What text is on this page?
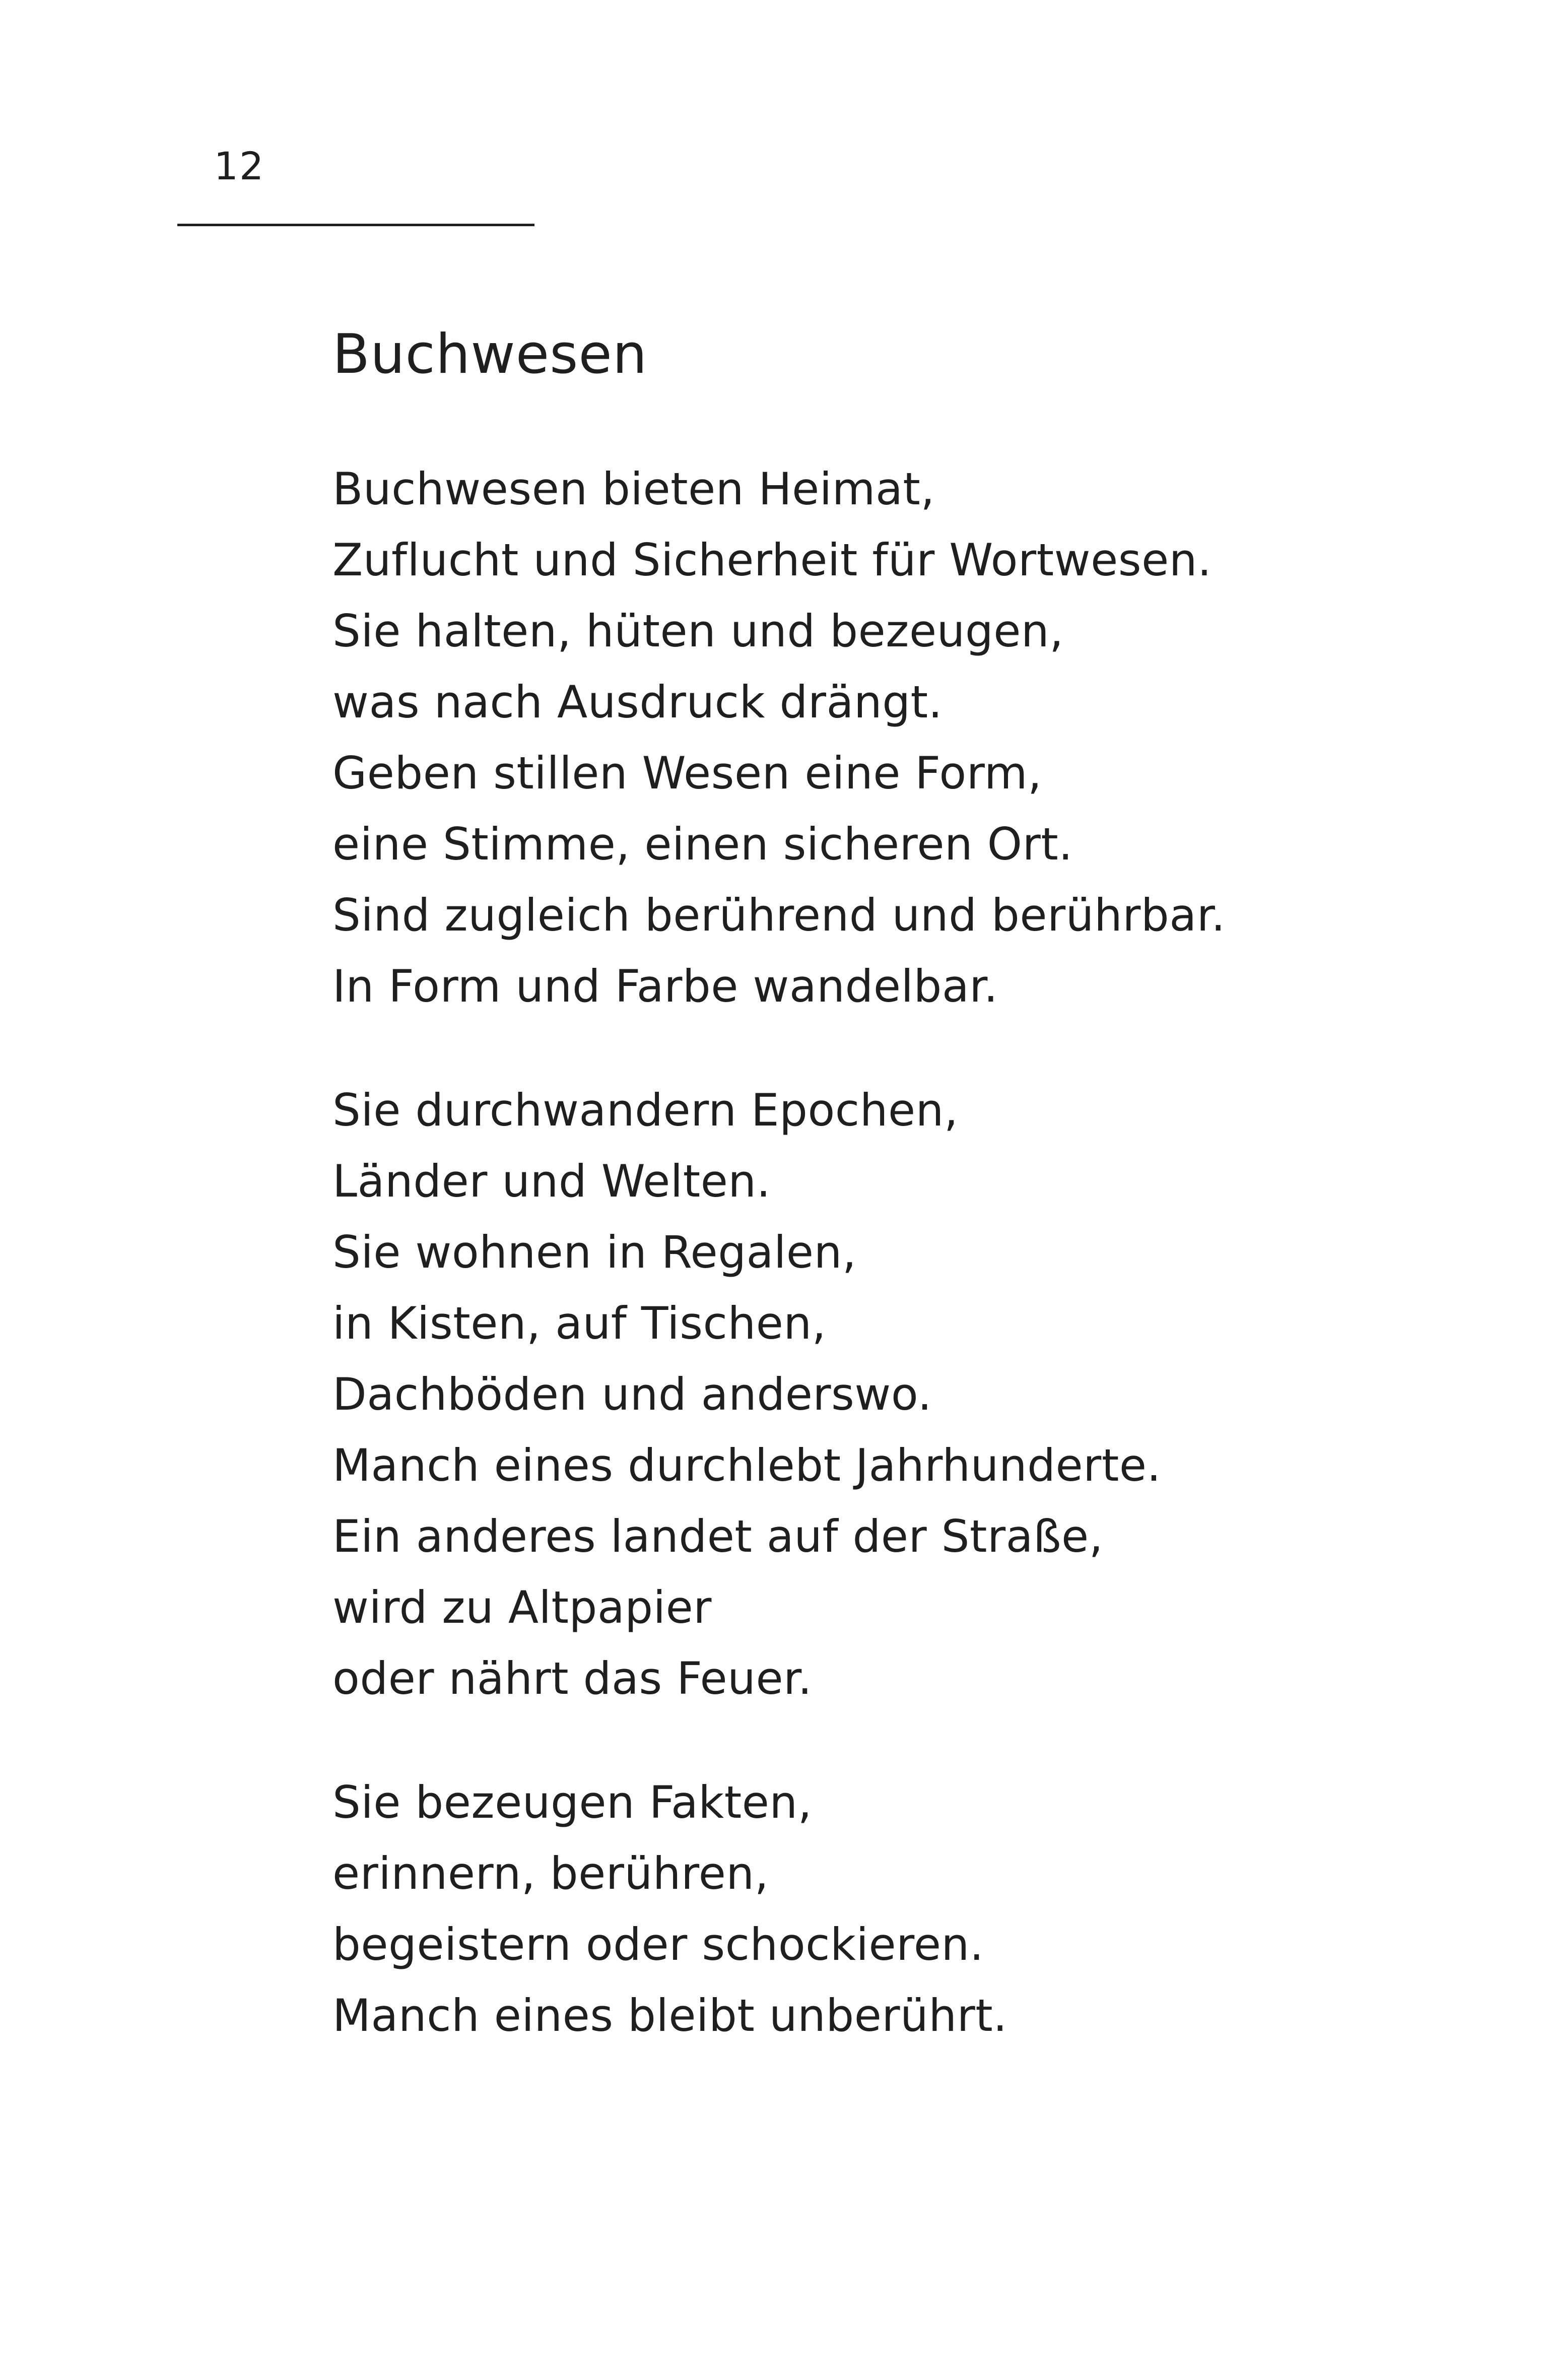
12
Buchwesen
Buchwesen bieten Heimat,
Zuflucht und Sicherheit für Wortwesen.
Sie halten, hüten und bezeugen,
was nach Ausdruck drängt.
Geben stillen Wesen eine Form,
eine Stimme, einen sicheren Ort.
Sind zugleich berührend und berührbar.
In Form und Farbe wandelbar.
Sie durchwandern Epochen,
Länder und Welten.
Sie wohnen in Regalen,
in Kisten, auf Tischen,
Dachböden und anderswo.
Manch eines durchlebt Jahrhunderte.
Ein anderes landet auf der Straße,
wird zu Altpapier
oder nährt das Feuer.
Sie bezeugen Fakten,
erinnern, berühren,
begeistern oder schockieren.
Manch eines bleibt unberührt.
